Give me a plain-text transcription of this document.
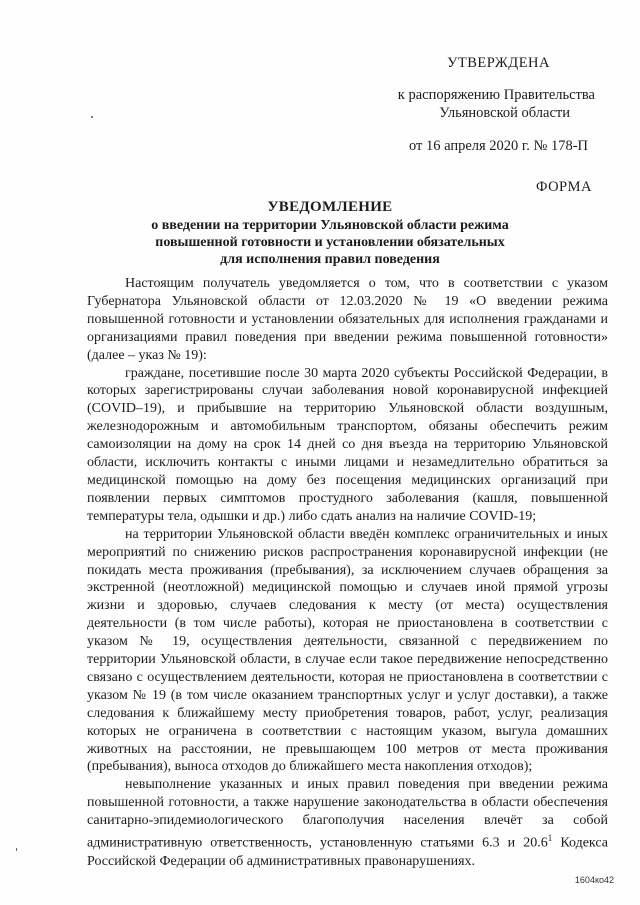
УТВЕРЖДЕНА
к распоряжению Правительства
Ульяновской области
от 16 апреля 2020 г. № 178-П
ФОРМА
УВЕДОМЛЕНИЕ
о введении на территории Ульяновской области режима
повышенной готовности и установлении обязательных
для исполнения правил поведения

Настоящим получатель уведомляется о том, что в соответствии с указом Губернатора Ульяновской области от 12.03.2020 № 19 «О введении режима повышенной готовности и установлении обязательных для исполнения гражданами и организациями правил поведения при введении режима повышенной готовности» (далее – указ № 19):

граждане, посетившие после 30 марта 2020 субъекты Российской Федерации, в которых зарегистрированы случаи заболевания новой коронавирусной инфекцией (COVID–19), и прибывшие на территорию Ульяновской области воздушным, железнодорожным и автомобильным транспортом, обязаны обеспечить режим самоизоляции на дому на срок 14 дней со дня въезда на территорию Ульяновской области, исключить контакты с иными лицами и незамедлительно обратиться за медицинской помощью на дому без посещения медицинских организаций при появлении первых симптомов простудного заболевания (кашля, повышенной температуры тела, одышки и др.) либо сдать анализ на наличие COVID-19;

на территории Ульяновской области введён комплекс ограничительных и иных мероприятий по снижению рисков распространения коронавирусной инфекции (не покидать места проживания (пребывания), за исключением случаев обращения за экстренной (неотложной) медицинской помощью и случаев иной прямой угрозы жизни и здоровью, случаев следования к месту (от места) осуществления деятельности (в том числе работы), которая не приостановлена в соответствии с указом № 19, осуществления деятельности, связанной с передвижением по территории Ульяновской области, в случае если такое передвижение непосредственно связано с осуществлением деятельности, которая не приостановлена в соответствии с указом № 19 (в том числе оказанием транспортных услуг и услуг доставки), а также следования к ближайшему месту приобретения товаров, работ, услуг, реализация которых не ограничена в соответствии с настоящим указом, выгула домашних животных на расстоянии, не превышающем 100 метров от места проживания (пребывания), выноса отходов до ближайшего места накопления отходов);

невыполнение указанных и иных правил поведения при введении режима повышенной готовности, а также нарушение законодательства в области обеспечения санитарно-эпидемиологического благополучия населения влечёт за собой административную ответственность, установленную статьями 6.3 и 20.6$^1$ Кодекса Российской Федерации об административных правонарушениях.

1604ко42
